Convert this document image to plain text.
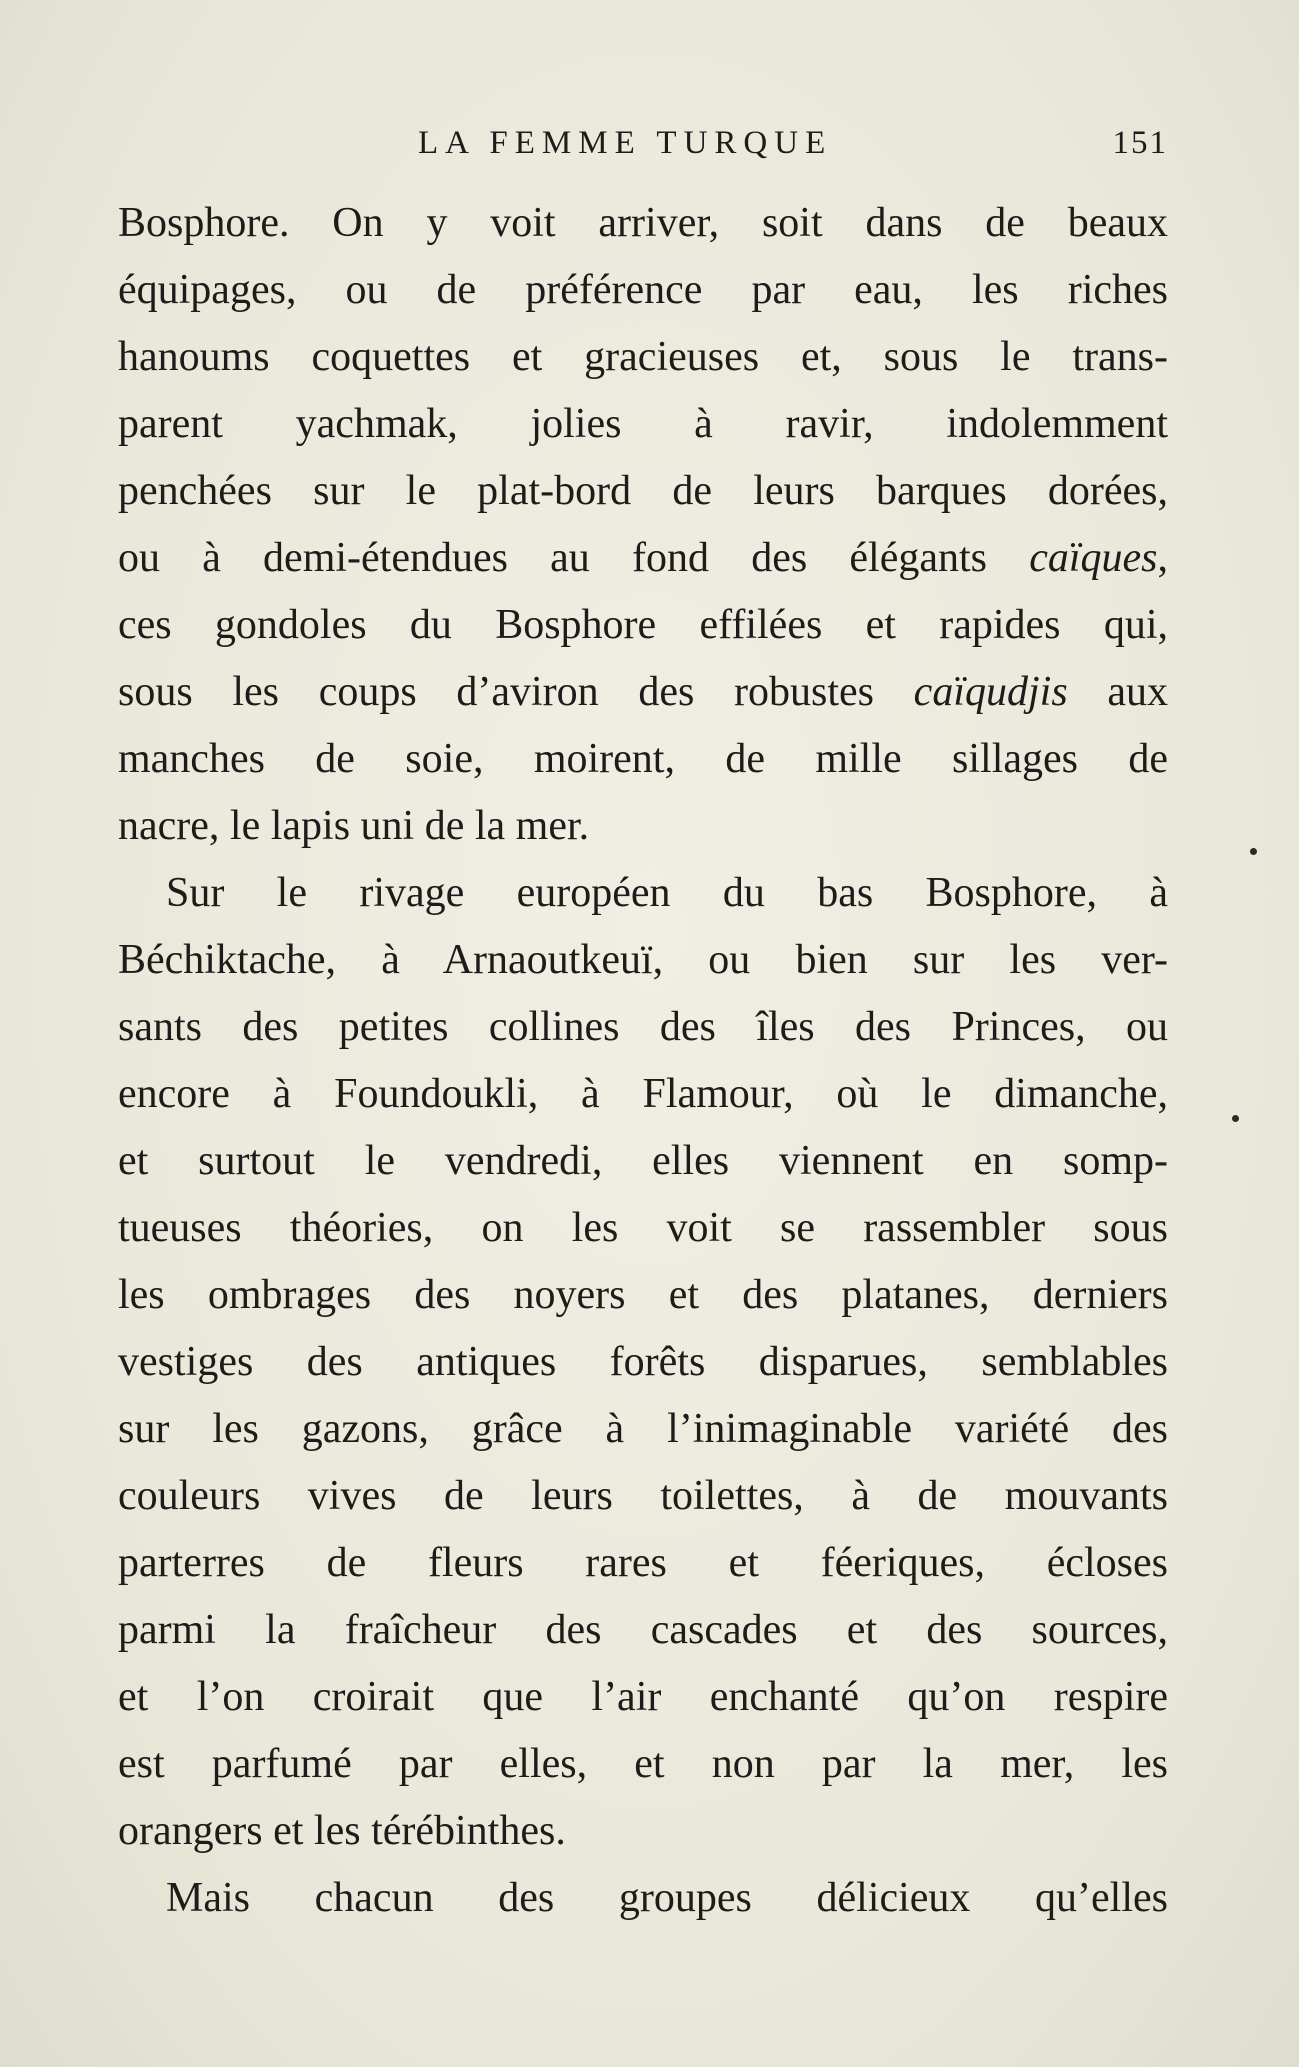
LA FEMME TURQUE	151
Bosphore. On y voit arriver, soit dans de beaux
équipages, ou de préférence par eau, les riches
hanoums coquettes et gracieuses et, sous le trans-
parent yachmak, jolies à ravir, indolemment
penchées sur le plat-bord de leurs barques dorées,
ou à demi-étendues au fond des élégants caïques,
ces gondoles du Bosphore effilées et rapides qui,
sous les coups d’aviron des robustes caïqudjis aux
manches de soie, moirent, de mille sillages de
nacre, le lapis uni de la mer.
Sur le rivage européen du bas Bosphore, à
Béchiktache, à Arnaoutkeuï, ou bien sur les ver-
sants des petites collines des îles des Princes, ou
encore à Foundoukli, à Flamour, où le dimanche,
et surtout le vendredi, elles viennent en somp-
tueuses théories, on les voit se rassembler sous
les ombrages des noyers et des platanes, derniers
vestiges des antiques forêts disparues, semblables
sur les gazons, grâce à l’inimaginable variété des
couleurs vives de leurs toilettes, à de mouvants
parterres de fleurs rares et féeriques, écloses
parmi la fraîcheur des cascades et des sources,
et l’on croirait que l’air enchanté qu’on respire
est parfumé par elles, et non par la mer, les
orangers et les térébinthes.
Mais chacun des groupes délicieux qu’elles
